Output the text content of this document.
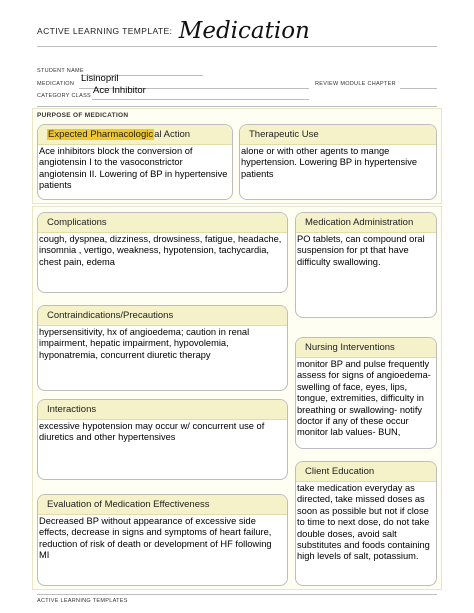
ACTIVE LEARNING TEMPLATE: Medication
STUDENT NAME
MEDICATION Lisinopril	REVIEW MODULE CHAPTER
CATEGORY CLASS Ace Inhibitor
PURPOSE OF MEDICATION
Expected Pharmacological Action
Ace inhibitors block the conversion of
angiotensin I to the vasoconstrictor
angiotensin II. Lowering of BP in hypertensive
patients
Therapeutic Use
alone or with other agents to mange
hypertension. Lowering BP in hypertensive
patients
Complications
cough, dyspnea, dizziness, drowsiness, fatigue, headache,
insomnia , vertigo, weakness, hypotension, tachycardia,
chest pain, edema
Medication Administration
PO tablets, can compound oral
suspension for pt that have
difficulty swallowing.
Contraindications/Precautions
hypersensitivity, hx of angioedema; caution in renal
impairment, hepatic impairment, hypovolemia,
hyponatremia, concurrent diuretic therapy
Nursing Interventions
monitor BP and pulse frequently
assess for signs of angioedema-
swelling of face, eyes, lips,
tongue, extremities, difficulty in
breathing or swallowing- notify
doctor if any of these occur
monitor lab values- BUN,
Interactions
excessive hypotension may occur w/ concurrent use of
diuretics and other hypertensives
Client Education
take medication everyday as
directed, take missed doses as
soon as possible but not if close
to time to next dose, do not take
double doses, avoid salt
substitutes and foods containing
high levels of salt, potassium.
Evaluation of Medication Effectiveness
Decreased BP without appearance of excessive side
effects, decrease in signs and symptoms of heart failure,
reduction of risk of death or development of HF following
MI
ACTIVE LEARNING TEMPLATES
